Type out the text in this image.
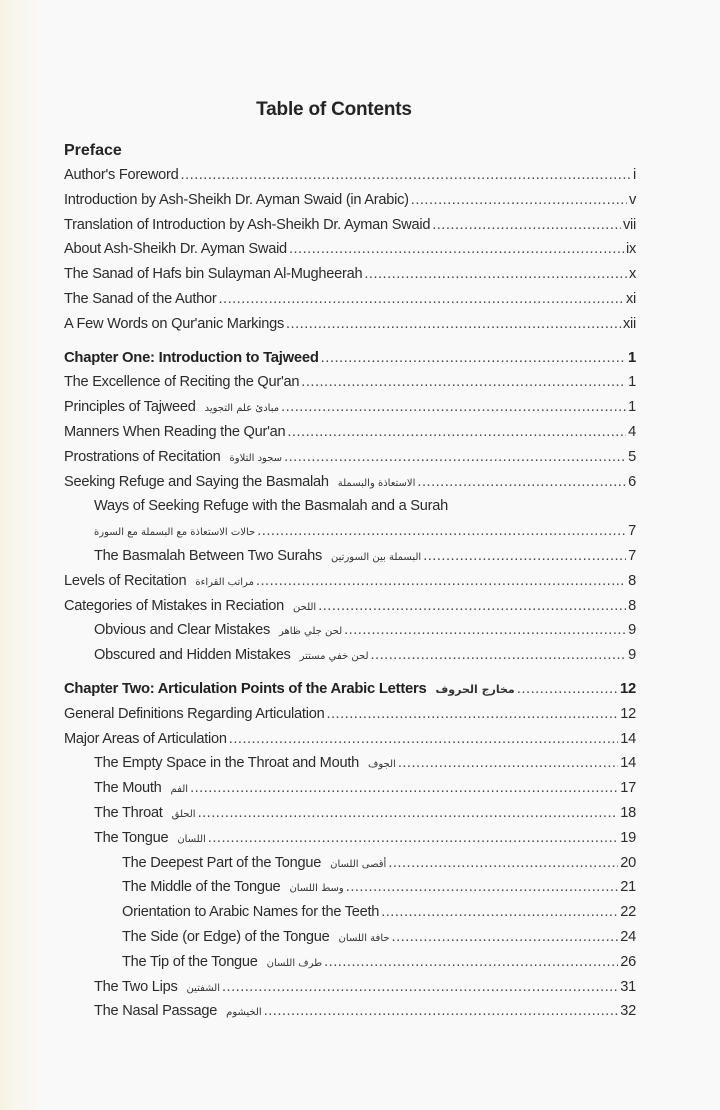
Table of Contents
Preface
Author's Foreword .....	i
Introduction by Ash-Sheikh Dr. Ayman Swaid (in Arabic) .....	v
Translation of Introduction by Ash-Sheikh Dr. Ayman Swaid .....	vii
About Ash-Sheikh Dr. Ayman Swaid .....	ix
The Sanad of Hafs bin Sulayman Al-Mugheerah .....	x
The Sanad of the Author .....	xi
A Few Words on Qur'anic Markings .....	xii
Chapter One: Introduction to Tajweed .....	1
The Excellence of Reciting the Qur'an .....	1
Principles of Tajweed مبادئ علم التجويد .....	1
Manners When Reading the Qur'an .....	4
Prostrations of Recitation سجود التلاوة .....	5
Seeking Refuge and Saying the Basmalah الاستعاذة والبسملة .....	6
Ways of Seeking Refuge with the Basmalah and a Surah
حالات الاستعاذة مع البسملة مع السورة .....	7
The Basmalah Between Two Surahs البسملة بين السورتين .....	7
Levels of Recitation مراتب القراءة .....	8
Categories of Mistakes in Reciation اللحن .....	8
Obvious and Clear Mistakes لحن جلي ظاهر .....	9
Obscured and Hidden Mistakes لحن خفي مستتر .....	9
Chapter Two: Articulation Points of the Arabic Letters مخارج الحروف .....	12
General Definitions Regarding Articulation .....	12
Major Areas of Articulation .....	14
The Empty Space in the Throat and Mouth الجوف .....	14
The Mouth الفم .....	17
The Throat الحلق .....	18
The Tongue اللسان .....	19
The Deepest Part of the Tongue أقصى اللسان .....	20
The Middle of the Tongue وسط اللسان .....	21
Orientation to Arabic Names for the Teeth .....	22
The Side (or Edge) of the Tongue حافة اللسان .....	24
The Tip of the Tongue طرف اللسان .....	26
The Two Lips الشفتين .....	31
The Nasal Passage الخيشوم .....	32
